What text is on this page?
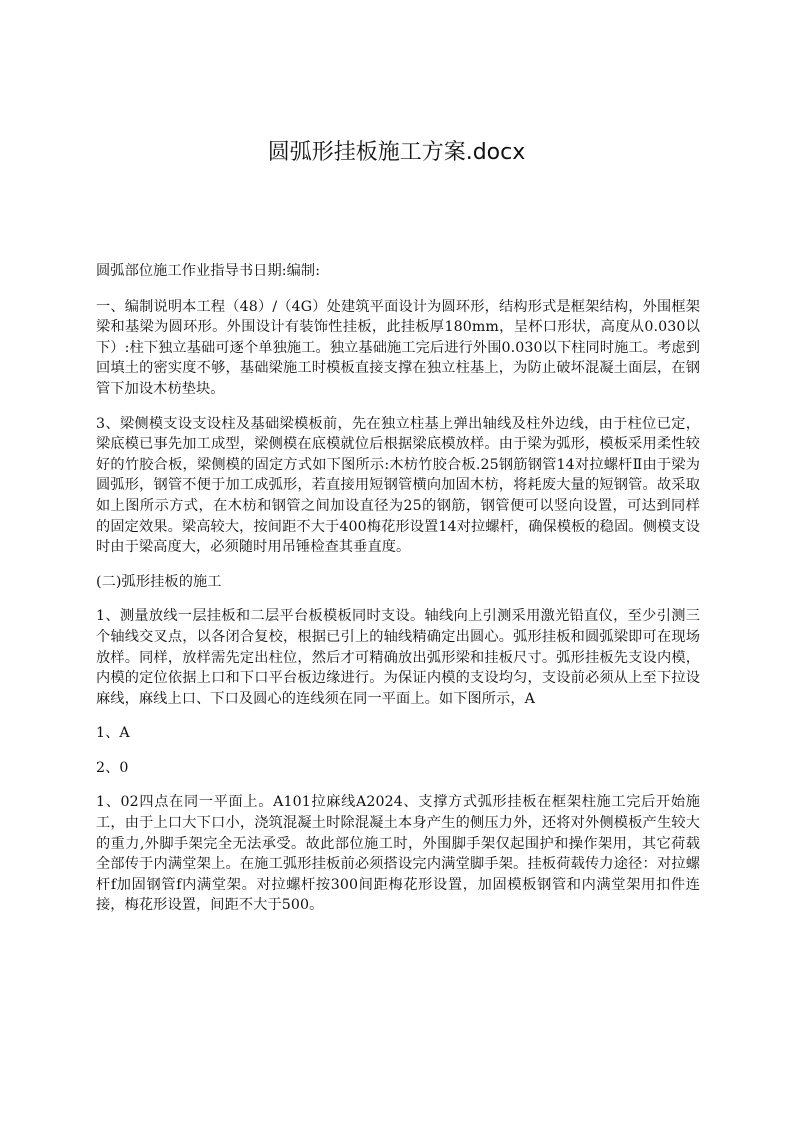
圆弧形挂板施工方案.docx

圆弧部位施工作业指导书日期:编制:

一、编制说明本工程（48）/（4G）处建筑平面设计为圆环形，结构形式是框架结构，外围框架梁和基梁为圆环形。外围设计有装饰性挂板，此挂板厚180mm，呈杯口形状，高度从0.030以下）:柱下独立基础可逐个单独施工。独立基础施工完后进行外围0.030以下柱同时施工。考虑到回填土的密实度不够，基础梁施工时模板直接支撑在独立柱基上，为防止破坏混凝土面层，在钢管下加设木枋垫块。

3、梁侧模支设支设柱及基础梁模板前，先在独立柱基上弹出轴线及柱外边线，由于柱位已定，梁底模已事先加工成型，梁侧模在底模就位后根据梁底模放样。由于梁为弧形，模板采用柔性较好的竹胶合板，梁侧模的固定方式如下图所示:木枋竹胶合板.25钢筋钢管14对拉螺杆Ⅱ由于梁为圆弧形，钢管不便于加工成弧形，若直接用短钢管横向加固木枋，将耗废大量的短钢管。故采取如上图所示方式，在木枋和钢管之间加设直径为25的钢筋，钢管便可以竖向设置，可达到同样的固定效果。梁高较大，按间距不大于400梅花形设置14对拉螺杆，确保模板的稳固。侧模支设时由于梁高度大，必须随时用吊锤检查其垂直度。

(二)弧形挂板的施工

1、测量放线一层挂板和二层平台板模板同时支设。轴线向上引测采用激光铅直仪，至少引测三个轴线交叉点，以各闭合复校，根据已引上的轴线精确定出圆心。弧形挂板和圆弧梁即可在现场放样。同样，放样需先定出柱位，然后才可精确放出弧形梁和挂板尺寸。弧形挂板先支设内模，内模的定位依据上口和下口平台板边缘进行。为保证内模的支设均匀，支设前必须从上至下拉设麻线，麻线上口、下口及圆心的连线须在同一平面上。如下图所示，A

1、A

2、0

1、02四点在同一平面上。A101拉麻线A2024、支撑方式弧形挂板在框架柱施工完后开始施工，由于上口大下口小，浇筑混凝土时除混凝土本身产生的侧压力外，还将对外侧模板产生较大的重力,外脚手架完全无法承受。故此部位施工时，外围脚手架仅起围护和操作架用，其它荷载全部传于内满堂架上。在施工弧形挂板前必须搭设完内满堂脚手架。挂板荷载传力途径：对拉螺杆f加固钢管f内满堂架。对拉螺杆按300间距梅花形设置，加固模板钢管和内满堂架用扣件连接，梅花形设置，间距不大于500。
